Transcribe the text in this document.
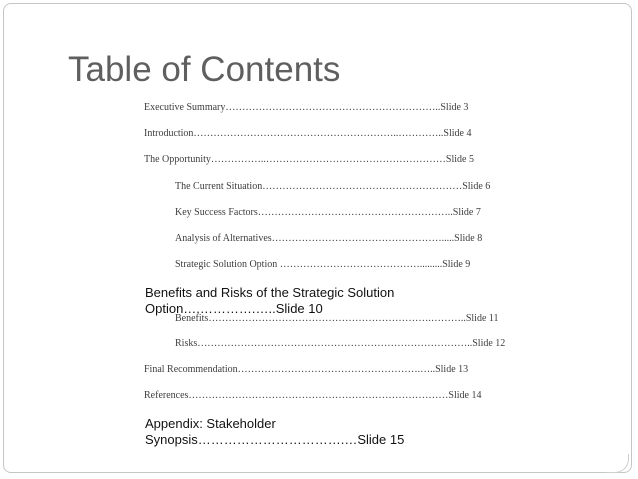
Table of Contents
Executive Summary………………………………………………………..Slide 3
Introduction……………………………………………………..…………..Slide 4
The Opportunity……………..………………………………………………Slide 5
The Current Situation……………………………………………………Slide 6
Key Success Factors…………………………………………………..Slide 7
Analysis of Alternatives…………………………………………….....Slide 8
Strategic Solution Option …………………………………….........Slide 9
Benefits and Risks of the Strategic Solution
Option….………….…..Slide 10
Benefits………………………………………………………….………..Slide 11
Risks………………………………………………………………………..Slide 12
Final Recommendation……………………………………………….…..Slide 13
References……………………………………………………………………Slide 14
Appendix: Stakeholder
Synopsis…………………………….…Slide 15
